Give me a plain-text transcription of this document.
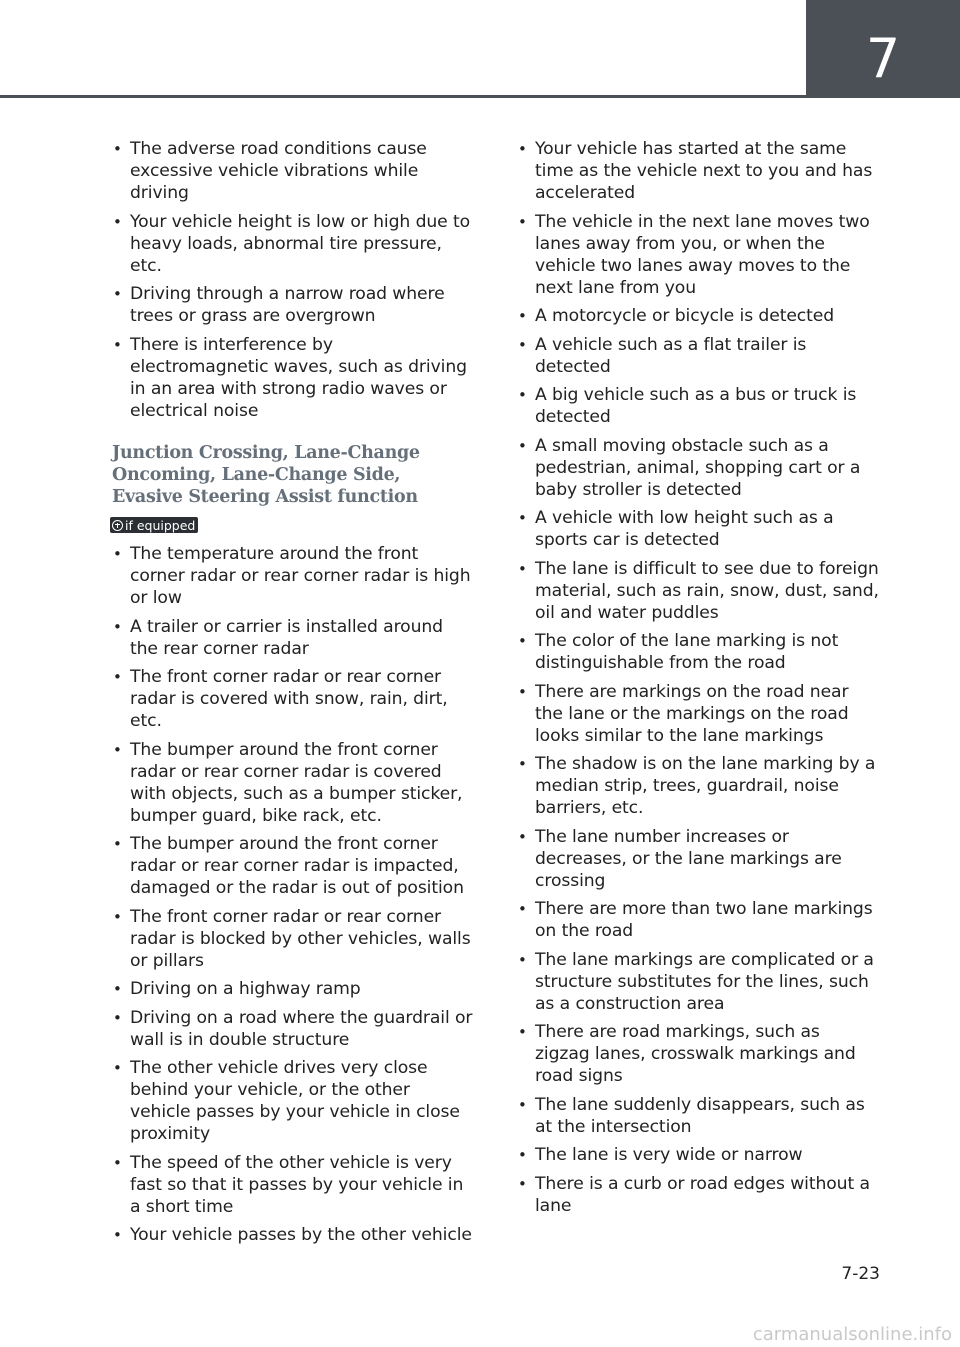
7
• The adverse road conditions cause excessive vehicle vibrations while driving
• Your vehicle height is low or high due to heavy loads, abnormal tire pressure, etc.
• Driving through a narrow road where trees or grass are overgrown
• There is interference by electromagnetic waves, such as driving in an area with strong radio waves or electrical noise
Junction Crossing, Lane-Change Oncoming, Lane-Change Side, Evasive Steering Assist function
if equipped
• The temperature around the front corner radar or rear corner radar is high or low
• A trailer or carrier is installed around the rear corner radar
• The front corner radar or rear corner radar is covered with snow, rain, dirt, etc.
• The bumper around the front corner radar or rear corner radar is covered with objects, such as a bumper sticker, bumper guard, bike rack, etc.
• The bumper around the front corner radar or rear corner radar is impacted, damaged or the radar is out of position
• The front corner radar or rear corner radar is blocked by other vehicles, walls or pillars
• Driving on a highway ramp
• Driving on a road where the guardrail or wall is in double structure
• The other vehicle drives very close behind your vehicle, or the other vehicle passes by your vehicle in close proximity
• The speed of the other vehicle is very fast so that it passes by your vehicle in a short time
• Your vehicle passes by the other vehicle
• Your vehicle has started at the same time as the vehicle next to you and has accelerated
• The vehicle in the next lane moves two lanes away from you, or when the vehicle two lanes away moves to the next lane from you
• A motorcycle or bicycle is detected
• A vehicle such as a flat trailer is detected
• A big vehicle such as a bus or truck is detected
• A small moving obstacle such as a pedestrian, animal, shopping cart or a baby stroller is detected
• A vehicle with low height such as a sports car is detected
• The lane is difficult to see due to foreign material, such as rain, snow, dust, sand, oil and water puddles
• The color of the lane marking is not distinguishable from the road
• There are markings on the road near the lane or the markings on the road looks similar to the lane markings
• The shadow is on the lane marking by a median strip, trees, guardrail, noise barriers, etc.
• The lane number increases or decreases, or the lane markings are crossing
• There are more than two lane markings on the road
• The lane markings are complicated or a structure substitutes for the lines, such as a construction area
• There are road markings, such as zigzag lanes, crosswalk markings and road signs
• The lane suddenly disappears, such as at the intersection
• The lane is very wide or narrow
• There is a curb or road edges without a lane
7-23
carmanualsonline.info
